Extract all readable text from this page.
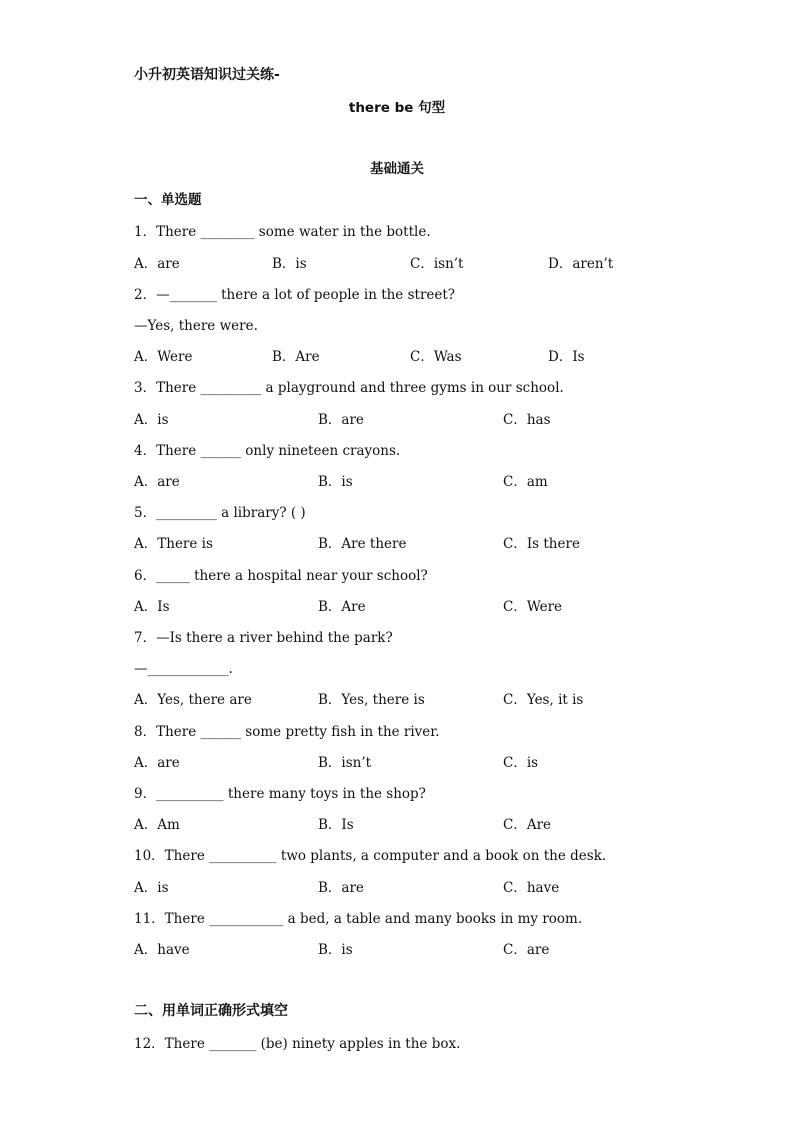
小升初英语知识过关练-
there be 句型
基础通关
一、单选题
1．There ________ some water in the bottle.
A．are	B．is	C．isn’t	D．aren’t
2．—_______ there a lot of people in the street?
—Yes, there were.
A．Were	B．Are	C．Was	D．Is
3．There _________ a playground and three gyms in our school.
A．is	B．are	C．has
4．There ______ only nineteen crayons.
A．are	B．is	C．am
5．_________ a library? ( )
A．There is	B．Are there	C．Is there
6．_____ there a hospital near your school?
A．Is	B．Are	C．Were
7．—Is there a river behind the park?
—____________.
A．Yes, there are	B．Yes, there is	C．Yes, it is
8．There ______ some pretty fish in the river.
A．are	B．isn’t	C．is
9．__________ there many toys in the shop?
A．Am	B．Is	C．Are
10．There __________ two plants, a computer and a book on the desk.
A．is	B．are	C．have
11．There ___________ a bed, a table and many books in my room.
A．have	B．is	C．are
二、用单词正确形式填空
12．There _______ (be) ninety apples in the box.
